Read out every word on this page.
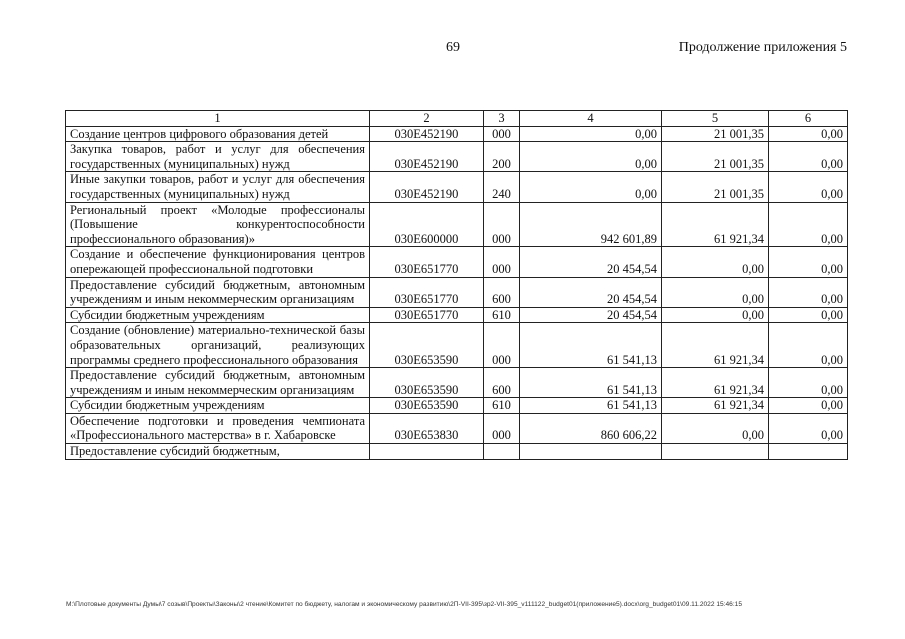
69	Продолжение приложения 5
1	2	3	4	5	6
Создание центров цифрового образования детей	030E452190	000	0,00	21 001,35	0,00
Закупка товаров, работ и услуг для обеспечения государственных (муниципальных) нужд	030E452190	200	0,00	21 001,35	0,00
Иные закупки товаров, работ и услуг для обеспечения государственных (муниципальных) нужд	030E452190	240	0,00	21 001,35	0,00
Региональный проект «Молодые профессионалы (Повышение конкурентоспособности профессионального образования)»	030E600000	000	942 601,89	61 921,34	0,00
Создание и обеспечение функционирования центров опережающей профессиональной подготовки	030E651770	000	20 454,54	0,00	0,00
Предоставление субсидий бюджетным, автономным учреждениям и иным некоммерческим организациям	030E651770	600	20 454,54	0,00	0,00
Субсидии бюджетным учреждениям	030E651770	610	20 454,54	0,00	0,00
Создание (обновление) материально-технической базы образовательных организаций, реализующих программы среднего профессионального образования	030E653590	000	61 541,13	61 921,34	0,00
Предоставление субсидий бюджетным, автономным учреждениям и иным некоммерческим организациям	030E653590	600	61 541,13	61 921,34	0,00
Субсидии бюджетным учреждениям	030E653590	610	61 541,13	61 921,34	0,00
Обеспечение подготовки и проведения чемпионата «Профессионального мастерства» в г. Хабаровске	030E653830	000	860 606,22	0,00	0,00
Предоставление субсидий бюджетным,					
М:\Плотовые документы Думы\7 созыв\Проекты\Законы\2 чтение\Комитет по бюджету, налогам и экономическому развитию\2П-VII-395\зp2-VII-395_v111122_budget01(приложение5).docx\org_budget01\09.11.2022 15:46:15
